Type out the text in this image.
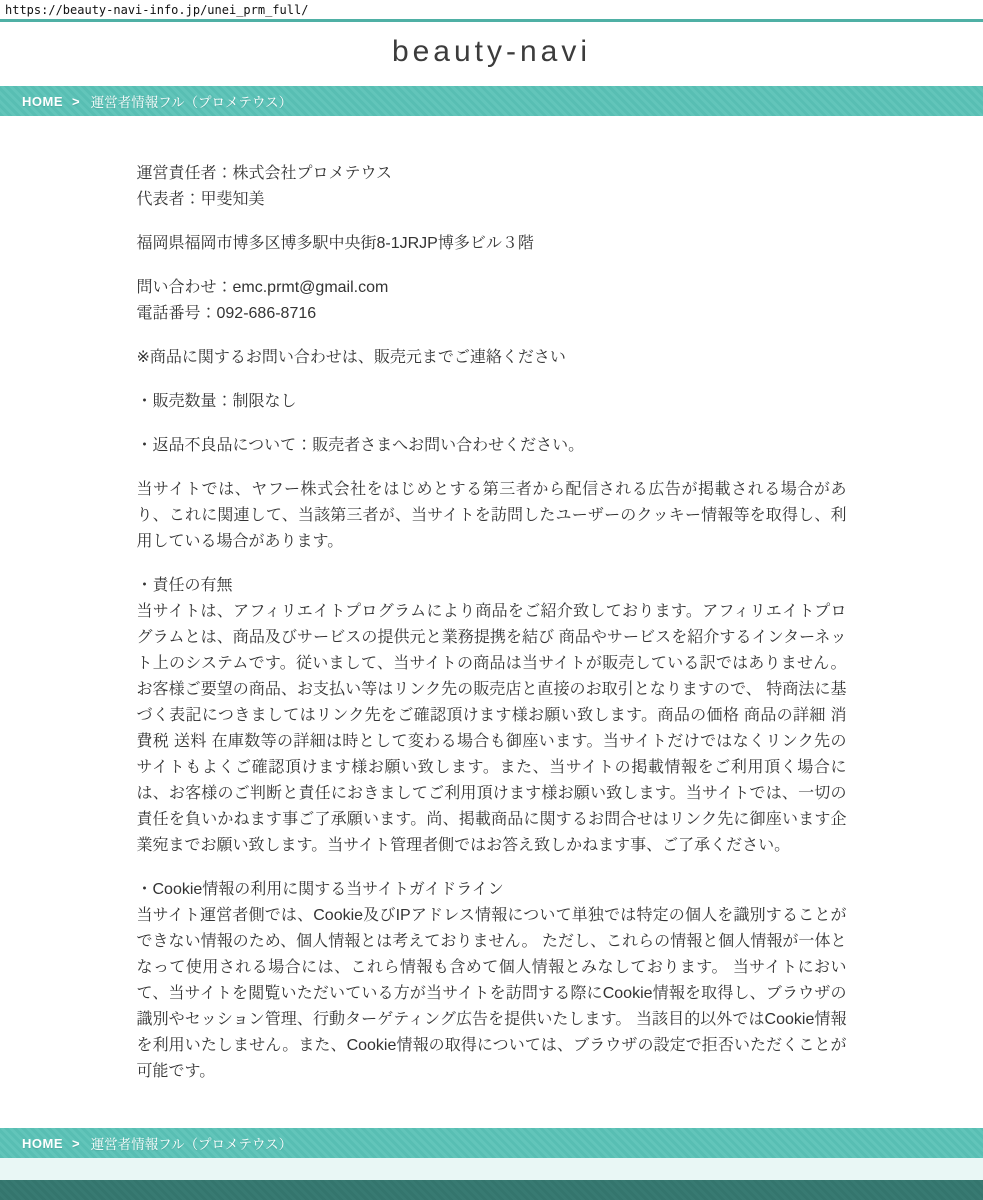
https://beauty-navi-info.jp/unei_prm_full/
beauty-navi
HOME > 運営者情報フル（プロメテウス）

運営責任者：株式会社プロメテウス
代表者：甲斐知美

福岡県福岡市博多区博多駅中央街8-1JRJP博多ビル３階

問い合わせ：emc.prmt@gmail.com
電話番号：092-686-8716

※商品に関するお問い合わせは、販売元までご連絡ください

・販売数量：制限なし

・返品不良品について：販売者さまへお問い合わせください。

当サイトでは、ヤフー株式会社をはじめとする第三者から配信される広告が掲載される場合があり、これに関連して、当該第三者が、当サイトを訪問したユーザーのクッキー情報等を取得し、利用している場合があります。

・責任の有無
当サイトは、アフィリエイトプログラムにより商品をご紹介致しております。アフィリエイトプログラムとは、商品及びサービスの提供元と業務提携を結び 商品やサービスを紹介するインターネット上のシステムです。従いまして、当サイトの商品は当サイトが販売している訳ではありません。お客様ご要望の商品、お支払い等はリンク先の販売店と直接のお取引となりますので、 特商法に基づく表記につきましてはリンク先をご確認頂けます様お願い致します。商品の価格 商品の詳細 消費税 送料 在庫数等の詳細は時として変わる場合も御座います。当サイトだけではなくリンク先のサイトもよくご確認頂けます様お願い致します。また、当サイトの掲載情報をご利用頂く場合には、お客様のご判断と責任におきましてご利用頂けます様お願い致します。当サイトでは、一切の責任を負いかねます事ご了承願います。尚、掲載商品に関するお問合せはリンク先に御座います企業宛までお願い致します。当サイト管理者側ではお答え致しかねます事、ご了承ください。

・Cookie情報の利用に関する当サイトガイドライン
当サイト運営者側では、Cookie及びIPアドレス情報について単独では特定の個人を識別することができない情報のため、個人情報とは考えておりません。 ただし、これらの情報と個人情報が一体となって使用される場合には、これら情報も含めて個人情報とみなしております。 当サイトにおいて、当サイトを閲覧いただいている方が当サイトを訪問する際にCookie情報を取得し、ブラウザの識別やセッション管理、行動ターゲティング広告を提供いたします。 当該目的以外ではCookie情報を利用いたしません。また、Cookie情報の取得については、ブラウザの設定で拒否いただくことが可能です。

HOME > 運営者情報フル（プロメテウス）
